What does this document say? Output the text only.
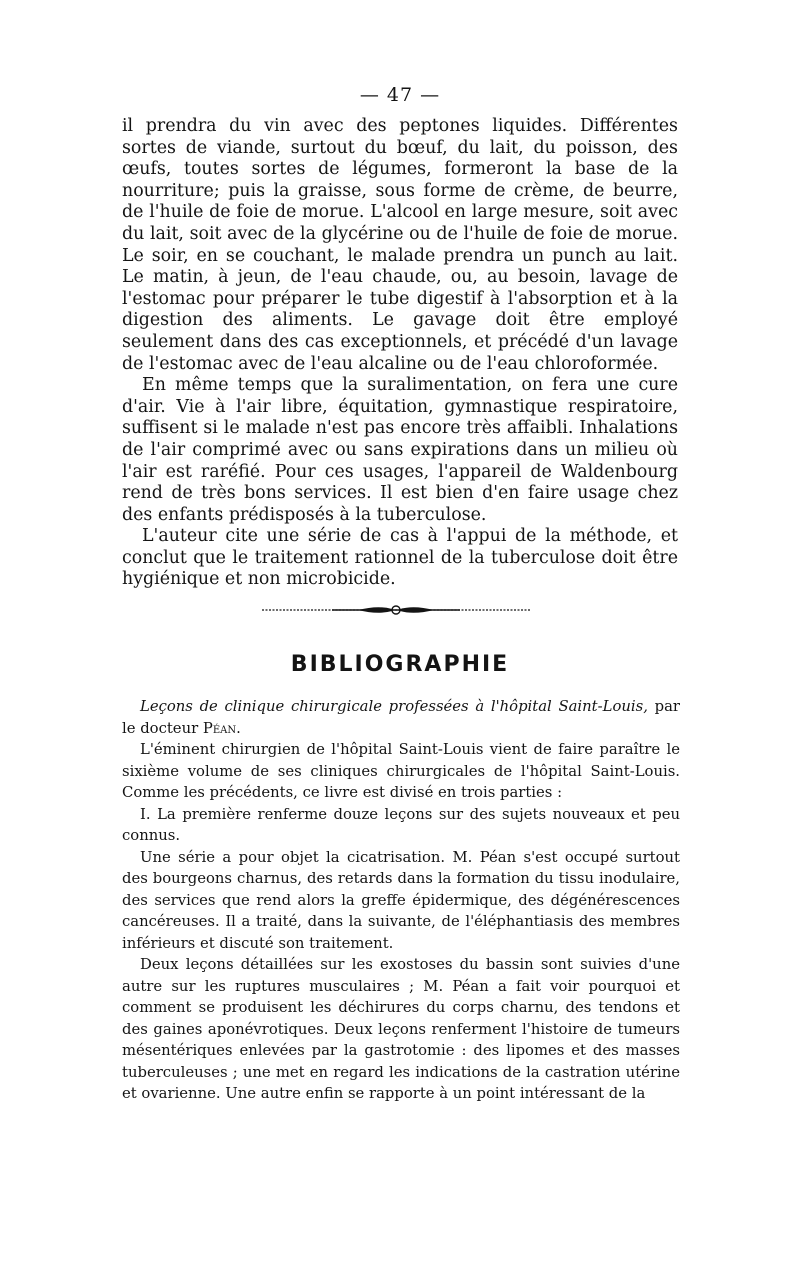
— 47 —

il prendra du vin avec des peptones liquides. Différentes sortes de viande, surtout du bœuf, du lait, du poisson, des œufs, toutes sortes de légumes, formeront la base de la nourriture; puis la graisse, sous forme de crème, de beurre, de l'huile de foie de morue. L'alcool en large mesure, soit avec du lait, soit avec de la glycérine ou de l'huile de foie de morue. Le soir, en se couchant, le malade prendra un punch au lait. Le matin, à jeun, de l'eau chaude, ou, au besoin, lavage de l'estomac pour préparer le tube digestif à l'absorption et à la digestion des aliments. Le gavage doit être employé seulement dans des cas exceptionnels, et précédé d'un lavage de l'estomac avec de l'eau alcaline ou de l'eau chloroformée.

En même temps que la suralimentation, on fera une cure d'air. Vie à l'air libre, équitation, gymnastique respiratoire, suffisent si le malade n'est pas encore très affaibli. Inhalations de l'air comprimé avec ou sans expirations dans un milieu où l'air est raréfié. Pour ces usages, l'appareil de Waldenbourg rend de très bons services. Il est bien d'en faire usage chez des enfants prédisposés à la tuberculose.

L'auteur cite une série de cas à l'appui de la méthode, et conclut que le traitement rationnel de la tuberculose doit être hygiénique et non microbicide.

BIBLIOGRAPHIE

Leçons de clinique chirurgicale professées à l'hôpital Saint-Louis, par le docteur Péan.

L'éminent chirurgien de l'hôpital Saint-Louis vient de faire paraître le sixième volume de ses cliniques chirurgicales de l'hôpital Saint-Louis. Comme les précédents, ce livre est divisé en trois parties :

I. La première renferme douze leçons sur des sujets nouveaux et peu connus.

Une série a pour objet la cicatrisation. M. Péan s'est occupé surtout des bourgeons charnus, des retards dans la formation du tissu inodulaire, des services que rend alors la greffe épidermique, des dégénérescences cancéreuses. Il a traité, dans la suivante, de l'éléphantiasis des membres inférieurs et discuté son traitement.

Deux leçons détaillées sur les exostoses du bassin sont suivies d'une autre sur les ruptures musculaires ; M. Péan a fait voir pourquoi et comment se produisent les déchirures du corps charnu, des tendons et des gaines aponévrotiques. Deux leçons renferment l'histoire de tumeurs mésentériques enlevées par la gastrotomie : des lipomes et des masses tuberculeuses ; une met en regard les indications de la castration utérine et ovarienne. Une autre enfin se rapporte à un point intéressant de la
